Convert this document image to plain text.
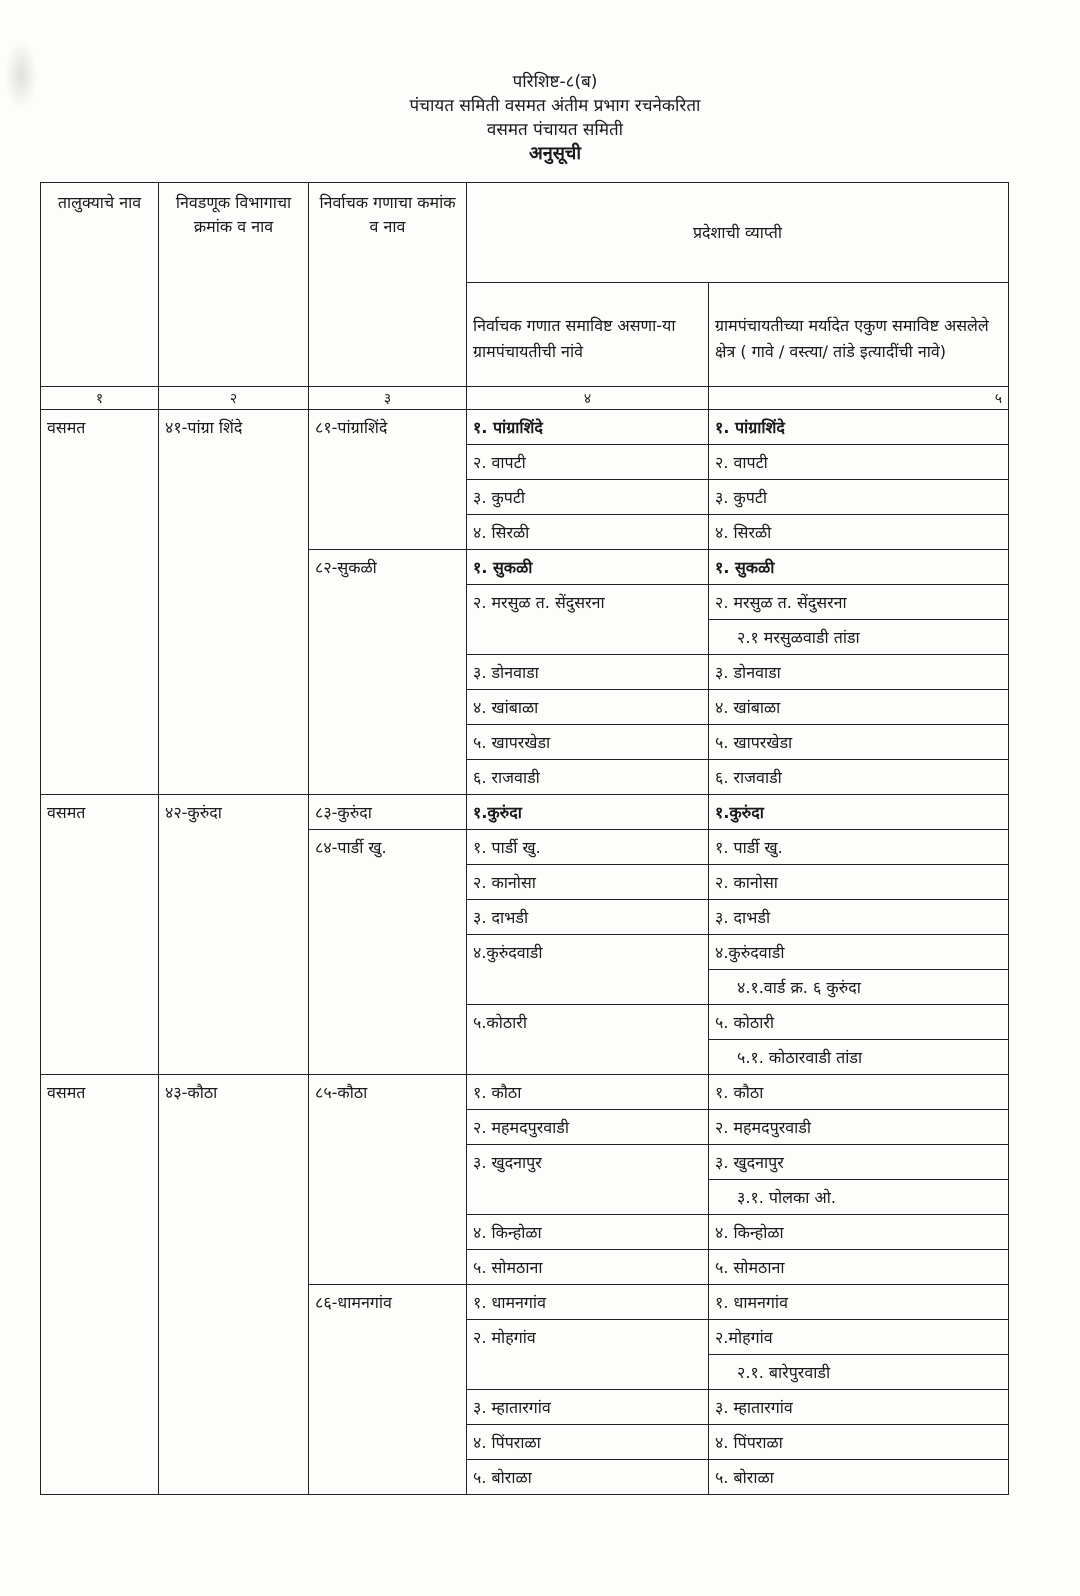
परिशिष्ट-८(ब)
पंचायत समिती वसमत अंतीम प्रभाग रचनेकरिता
वसमत पंचायत समिती
अनुसूची
तालुक्याचे नाव	निवडणूक विभागाचा क्रमांक व नाव	निर्वाचक गणाचा कमांक व नाव	प्रदेशाची व्याप्ती	
			निर्वाचक गणात समाविष्ट असणा-या ग्रामपंचायतीची नांवे	ग्रामपंचायतीच्या मर्यादेत एकुण समाविष्ट असलेले क्षेत्र ( गावे / वस्त्या/ तांडे इत्यादींची नावे)
१	२	३	४	५
वसमत	४१-पांग्रा शिंदे	८१-पांग्राशिंदे	१. पांग्राशिंदे	१. पांग्राशिंदे
			२. वापटी	२. वापटी
			३. कुपटी	३. कुपटी
			४. सिरळी	४. सिरळी
		८२-सुकळी	१. सुकळी	१. सुकळी
			२. मरसुळ त. सेंदुसरना	२. मरसुळ त. सेंदुसरना
				२.१ मरसुळवाडी तांडा
			३. डोनवाडा	३. डोनवाडा
			४. खांबाळा	४. खांबाळा
			५. खापरखेडा	५. खापरखेडा
			६. राजवाडी	६. राजवाडी
वसमत	४२-कुरुंदा	८३-कुरुंदा	१.कुरुंदा	१.कुरुंदा
		८४-पार्डी खु.	१. पार्डी खु.	१. पार्डी खु.
			२. कानोसा	२. कानोसा
			३. दाभडी	३. दाभडी
			४.कुरुंदवाडी	४.कुरुंदवाडी
				४.१.वार्ड क्र. ६ कुरुंदा
			५.कोठारी	५. कोठारी
				५.१. कोठारवाडी तांडा
वसमत	४३-कौठा	८५-कौठा	१. कौठा	१. कौठा
			२. महमदपुरवाडी	२. महमदपुरवाडी
			३. खुदनापुर	३. खुदनापुर
				३.१. पोलका ओ.
			४. किन्होळा	४. किन्होळा
			५. सोमठाना	५. सोमठाना
		८६-धामनगांव	१. धामनगांव	१. धामनगांव
			२. मोहगांव	२.मोहगांव
				२.१. बारेपुरवाडी
			३. म्हातारगांव	३. म्हातारगांव
			४. पिंपराळा	४. पिंपराळा
			५. बोराळा	५. बोराळा
